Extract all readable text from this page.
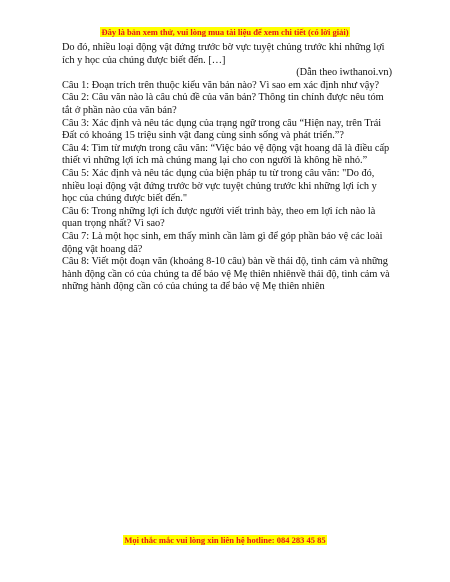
Đây là bản xem thử, vui lòng mua tài liệu để xem chi tiết (có lời giải)

Do đó, nhiều loại động vật đứng trước bờ vực tuyệt chủng trước khi những lợi ích y học của chúng được biết đến. […]

(Dẫn theo iwthanoi.vn)

Câu 1: Đoạn trích trên thuộc kiểu văn bản nào? Vì sao em xác định như vậy?

Câu 2: Câu văn nào là câu chủ đề của văn bản? Thông tin chính được nêu tóm tắt ở phần nào của văn bản?

Câu 3: Xác định và nêu tác dụng của trạng ngữ trong câu “Hiện nay, trên Trái Đất có khoảng 15 triệu sinh vật đang cùng sinh sống và phát triển.”?

Câu 4: Tìm từ mượn trong câu văn: “Việc bảo vệ động vật hoang dã là điều cấp thiết vì những lợi ích mà chúng mang lại cho con người là không hề nhỏ.”

Câu 5: Xác định và nêu tác dụng của biện pháp tu từ trong câu văn: "Do đó, nhiều loại động vật đứng trước bờ vực tuyệt chủng trước khi những lợi ích y học của chúng được biết đến."

Câu 6: Trong những lợi ích được người viết trình bày, theo em lợi ích nào là quan trọng nhất? Vì sao?

Câu 7: Là một học sinh, em thấy mình cần làm gì để góp phần bảo vệ các loài động vật hoang dã?

Câu 8: Viết một đoạn văn (khoảng 8-10 câu) bàn về thái độ, tình cảm và những hành động cần có của chúng ta để bảo vệ Mẹ thiên nhiênvề thái độ, tình cảm và những hành động cần có của chúng ta để bảo vệ Mẹ thiên nhiên

Mọi thắc mắc vui lòng xin liên hệ hotline: 084 283 45 85
